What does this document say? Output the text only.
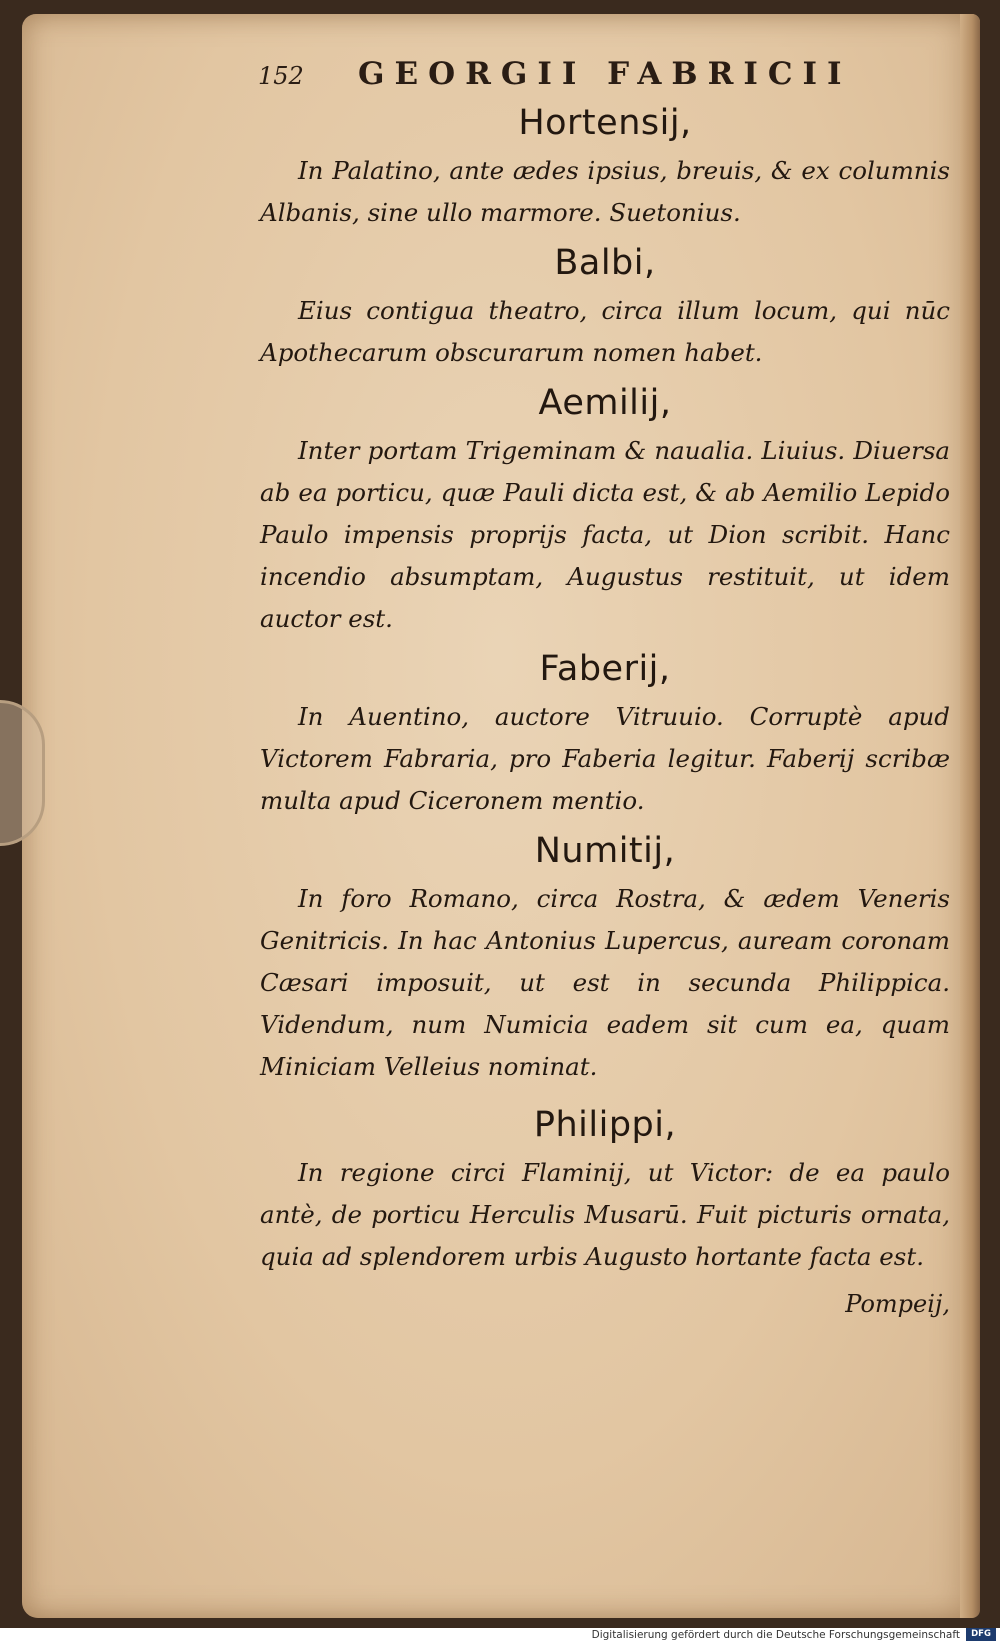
152 GEORGII FABRICII

Hortensij,

In Palatino, ante ædes ipsius, breuis, & ex columnis Albanis, sine ullo marmore. Suetonius.

Balbi,

Eius contigua theatro, circa illum locum, qui nūc Apothecarum obscurarum nomen habet.

Aemilij,

Inter portam Trigeminam & naualia. Liuius. Diuersa ab ea porticu, quæ Pauli dicta est, & ab Aemilio Lepido Paulo impensis proprijs facta, ut Dion scribit. Hanc incendio absumptam, Augustus restituit, ut idem auctor est.

Faberij,

In Auentino, auctore Vitruuio. Corruptè apud Victorem Fabraria, pro Faberia legitur. Faberij scribæ multa apud Ciceronem mentio.

Numitij,

In foro Romano, circa Rostra, & ædem Veneris Genitricis. In hac Antonius Lupercus, auream coronam Cæsari imposuit, ut est in secunda Philippica. Videndum, num Numicia eadem sit cum ea, quam Miniciam Velleius nominat.

Philippi,

In regione circi Flaminij, ut Victor: de ea paulo antè, de porticu Herculis Musarū. Fuit picturis ornata, quia ad splendorem urbis Augusto hortante facta est.

Pompeij,

Digitalisierung gefördert durch die Deutsche Forschungsgemeinschaft	DFG
